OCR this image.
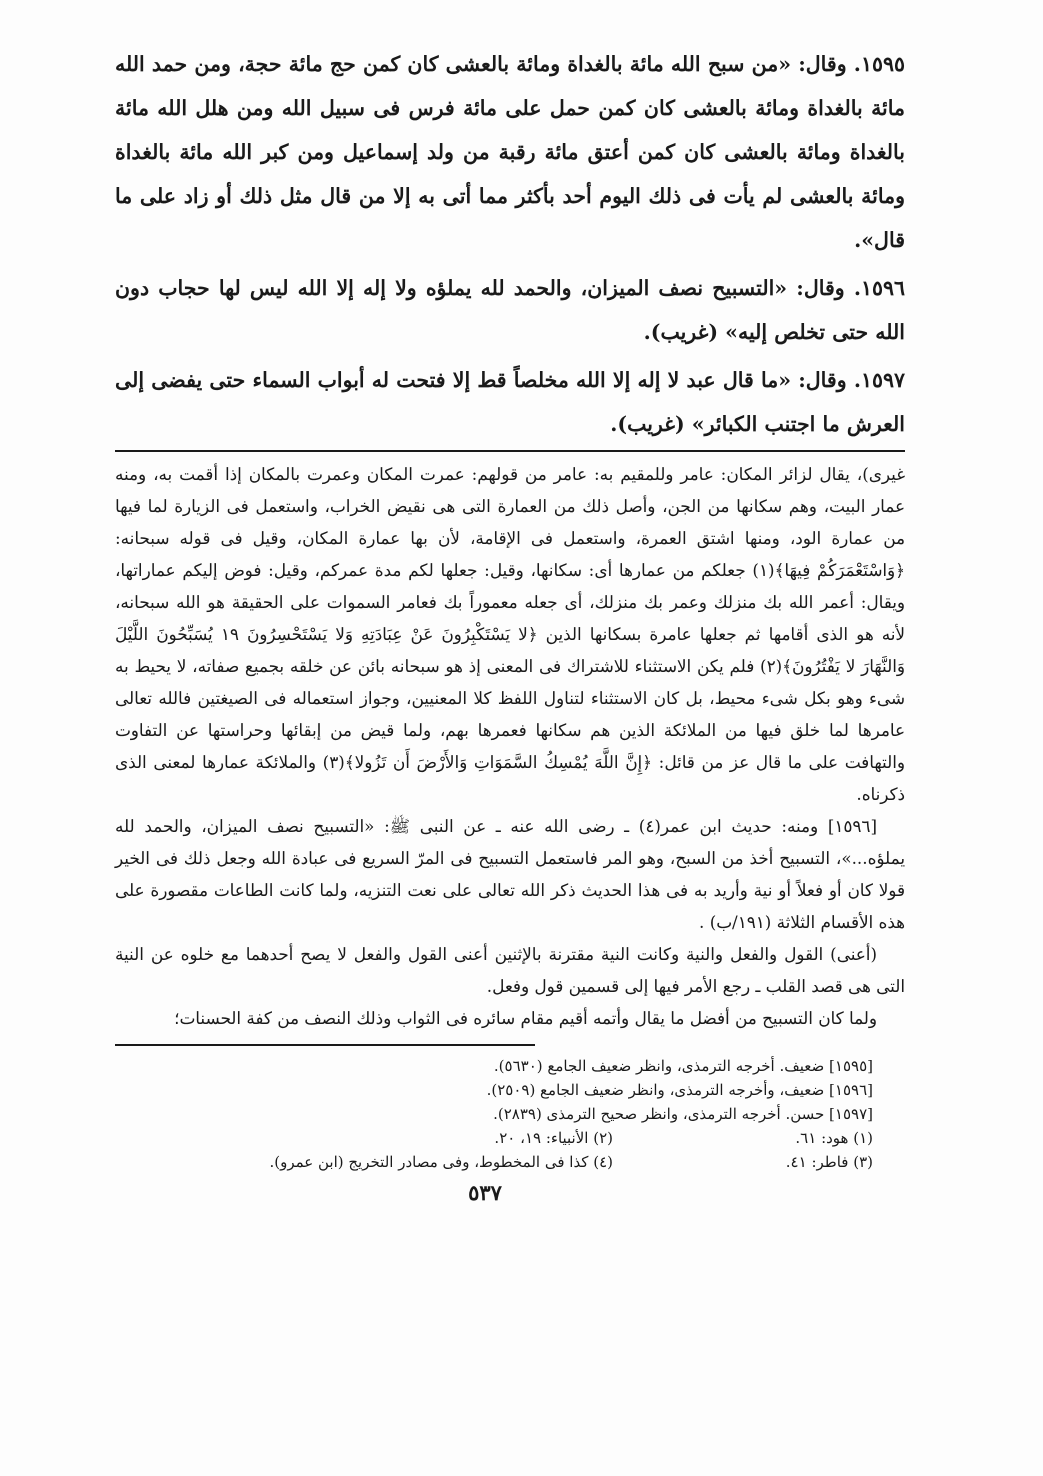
١٥٩٥. وقال: «من سبح الله مائة بالغداة ومائة بالعشى كان كمن حج مائة حجة، ومن حمد الله مائة بالغداة ومائة بالعشى كان كمن حمل على مائة فرس فى سبيل الله ومن هلل الله مائة بالغداة ومائة بالعشى كان كمن أعتق مائة رقبة من ولد إسماعيل ومن كبر الله مائة بالغداة ومائة بالعشى لم يأت فى ذلك اليوم أحد بأكثر مما أتى به إلا من قال مثل ذلك أو زاد على ما قال».

١٥٩٦. وقال: «التسبيح نصف الميزان، والحمد لله يملؤه ولا إله إلا الله ليس لها حجاب دون الله حتى تخلص إليه» (غريب).

١٥٩٧. وقال: «ما قال عبد لا إله إلا الله مخلصاً قط إلا فتحت له أبواب السماء حتى يفضى إلى العرش ما اجتنب الكبائر» (غريب).

غيرى)، يقال لزائر المكان: عامر وللمقيم به: عامر من قولهم: عمرت المكان وعمرت بالمكان إذا أقمت به، ومنه عمار البيت، وهم سكانها من الجن، وأصل ذلك من العمارة التى هى نقيض الخراب، واستعمل فى الزيارة لما فيها من عمارة الود، ومنها اشتق العمرة، واستعمل فى الإقامة، لأن بها عمارة المكان، وقيل فى قوله سبحانه: ﴿وَاسْتَعْمَرَكُمْ فِيهَا﴾(١) جعلكم من عمارها أى: سكانها، وقيل: جعلها لكم مدة عمركم، وقيل: فوض إليكم عماراتها، ويقال: أعمر الله بك منزلك وعمر بك منزلك، أى جعله معموراً بك فعامر السموات على الحقيقة هو الله سبحانه، لأنه هو الذى أقامها ثم جعلها عامرة بسكانها الذين ﴿لا يَسْتَكْبِرُونَ عَنْ عِبَادَتِهِ وَلا يَسْتَحْسِرُونَ ١٩ يُسَبِّحُونَ اللَّيْلَ وَالنَّهَارَ لا يَفْتُرُونَ﴾(٢) فلم يكن الاستثناء للاشتراك فى المعنى إذ هو سبحانه بائن عن خلقه بجميع صفاته، لا يحيط به شىء وهو بكل شىء محيط، بل كان الاستثناء لتناول اللفظ كلا المعنيين، وجواز استعماله فى الصيغتين فالله تعالى عامرها لما خلق فيها من الملائكة الذين هم سكانها فعمرها بهم، ولما قيض من إبقائها وحراستها عن التفاوت والتهافت على ما قال عز من قائل: ﴿إِنَّ اللَّهَ يُمْسِكُ السَّمَوَاتِ وَالأَرْضَ أَن تَزُولا﴾(٣) والملائكة عمارها لمعنى الذى ذكرناه.

[١٥٩٦] ومنه: حديث ابن عمر(٤) ـ رضى الله عنه ـ عن النبى ﷺ: «التسبيح نصف الميزان، والحمد لله يملؤه...»، التسبيح أخذ من السبح، وهو المر فاستعمل التسبيح فى المرّ السريع فى عبادة الله وجعل ذلك فى الخير قولا كان أو فعلاً أو نية وأريد به فى هذا الحديث ذكر الله تعالى على نعت التنزيه، ولما كانت الطاعات مقصورة على هذه الأقسام الثلاثة (١٩١/ب) .

(أعنى) القول والفعل والنية وكانت النية مقترنة بالإثنين أعنى القول والفعل لا يصح أحدهما مع خلوه عن النية التى هى قصد القلب ـ رجع الأمر فيها إلى قسمين قول وفعل.

ولما كان التسبيح من أفضل ما يقال وأتمه أقيم مقام سائره فى الثواب وذلك النصف من كفة الحسنات؛

[١٥٩٥] ضعيف. أخرجه الترمذى، وانظر ضعيف الجامع (٥٦٣٠).

[١٥٩٦] ضعيف، وأخرجه الترمذى، وانظر ضعيف الجامع (٢٥٠٩).

[١٥٩٧] حسن. أخرجه الترمذى، وانظر صحيح الترمذى (٢٨٣٩).

(١) هود: ٦١.
(٢) الأنبياء: ١٩، ٢٠.
(٣) فاطر: ٤١.
(٤) كذا فى المخطوط، وفى مصادر التخريج (ابن عمرو).
٥٣٧
